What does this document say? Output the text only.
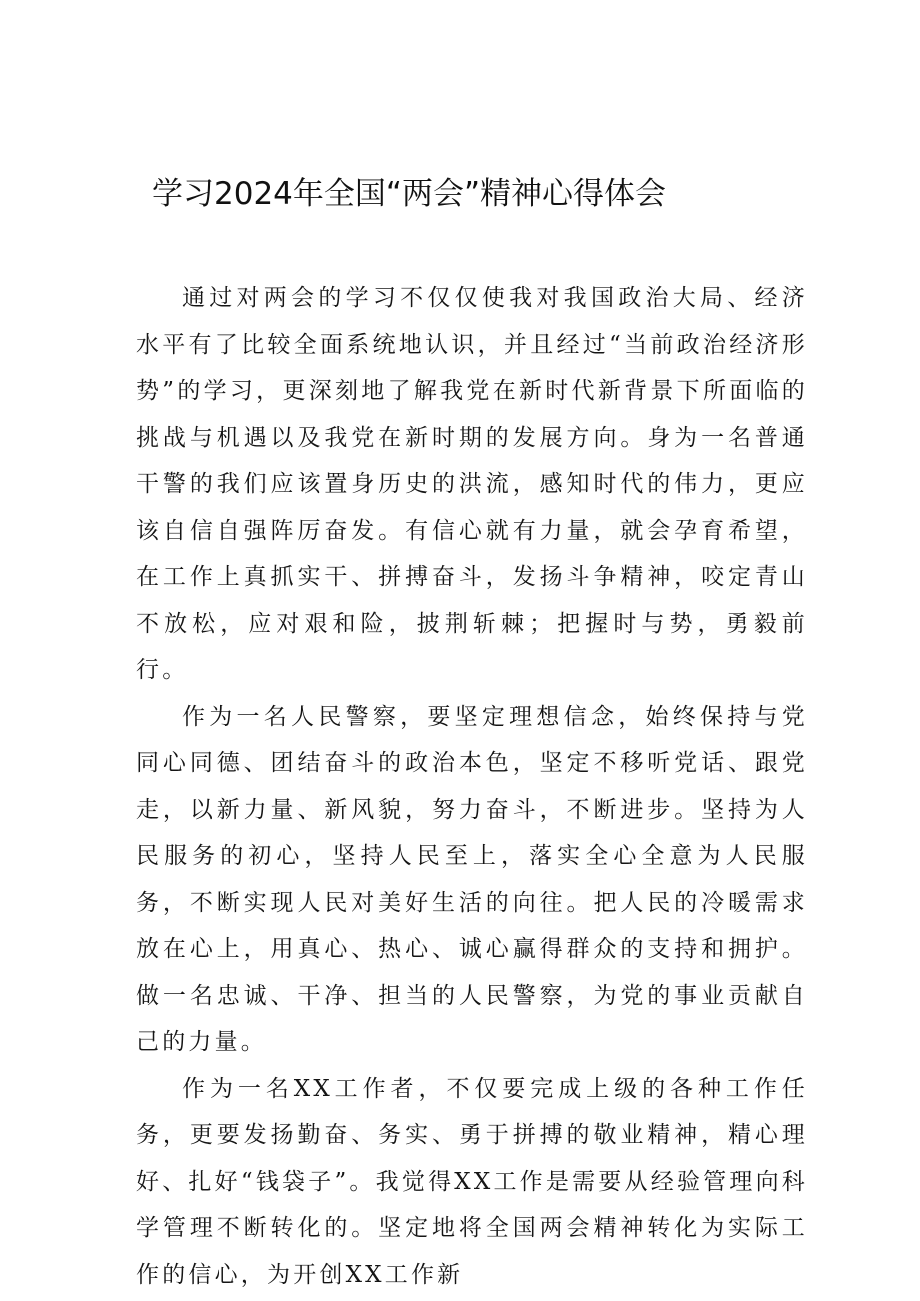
学习2024年全国“两会”精神心得体会

通过对两会的学习不仅仅使我对我国政治大局、经济水平有了比较全面系统地认识，并且经过“当前政治经济形势”的学习，更深刻地了解我党在新时代新背景下所面临的挑战与机遇以及我党在新时期的发展方向。身为一名普通干警的我们应该置身历史的洪流，感知时代的伟力，更应该自信自强阵厉奋发。有信心就有力量，就会孕育希望，在工作上真抓实干、拼搏奋斗，发扬斗争精神，咬定青山不放松，应对艰和险，披荆斩棘；把握时与势，勇毅前行。

作为一名人民警察，要坚定理想信念，始终保持与党同心同德、团结奋斗的政治本色，坚定不移听党话、跟党走，以新力量、新风貌，努力奋斗，不断进步。坚持为人民服务的初心，坚持人民至上，落实全心全意为人民服务，不断实现人民对美好生活的向往。把人民的冷暖需求放在心上，用真心、热心、诚心赢得群众的支持和拥护。做一名忠诚、干净、担当的人民警察，为党的事业贡献自己的力量。

作为一名XX工作者，不仅要完成上级的各种工作任务，更要发扬勤奋、务实、勇于拼搏的敬业精神，精心理好、扎好“钱袋子”。我觉得XX工作是需要从经验管理向科学管理不断转化的。坚定地将全国两会精神转化为实际工作的信心，为开创XX工作新
